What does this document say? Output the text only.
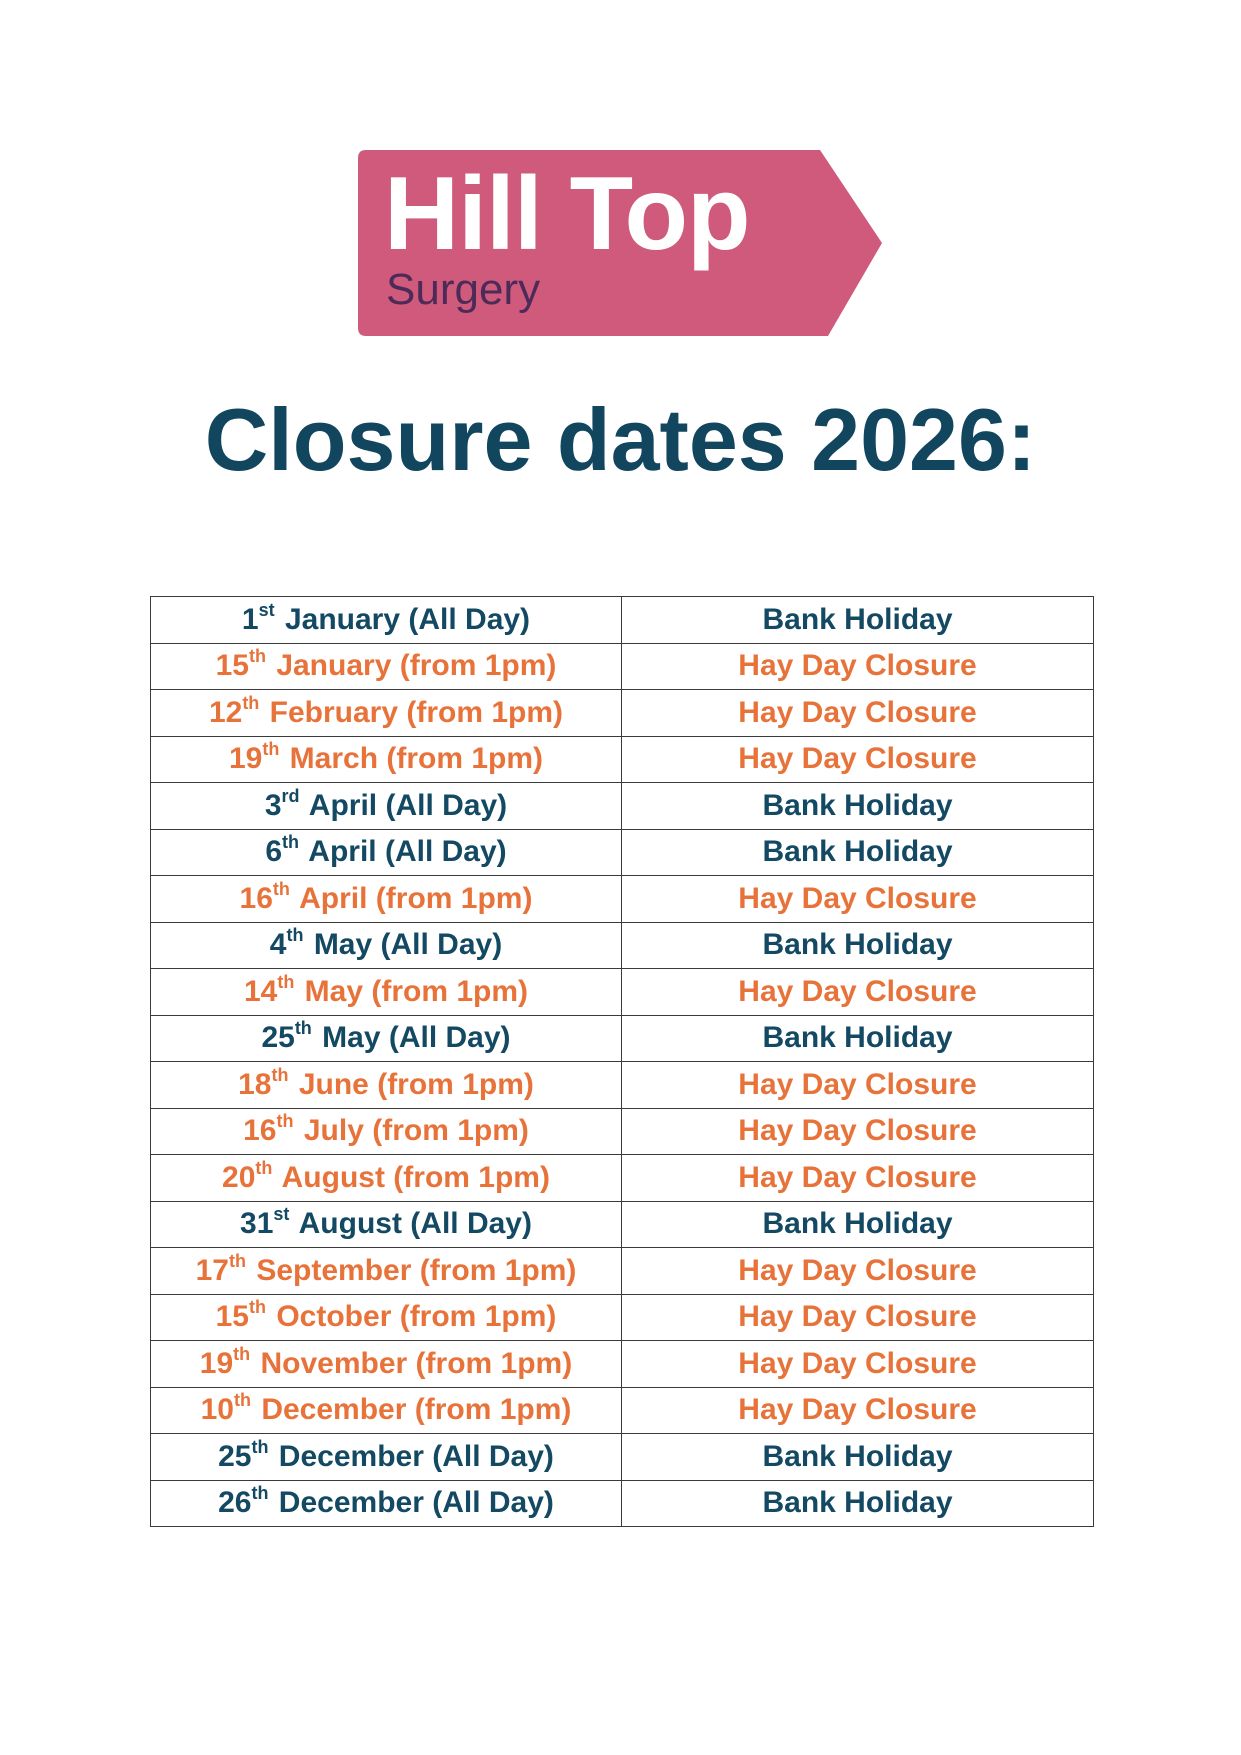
Hill Top
Surgery
Closure dates 2026:
1st January (All Day)	Bank Holiday
15th January (from 1pm)	Hay Day Closure
12th February (from 1pm)	Hay Day Closure
19th March (from 1pm)	Hay Day Closure
3rd April (All Day)	Bank Holiday
6th April (All Day)	Bank Holiday
16th April (from 1pm)	Hay Day Closure
4th May (All Day)	Bank Holiday
14th May (from 1pm)	Hay Day Closure
25th May (All Day)	Bank Holiday
18th June (from 1pm)	Hay Day Closure
16th July (from 1pm)	Hay Day Closure
20th August (from 1pm)	Hay Day Closure
31st August (All Day)	Bank Holiday
17th September (from 1pm)	Hay Day Closure
15th October (from 1pm)	Hay Day Closure
19th November (from 1pm)	Hay Day Closure
10th December (from 1pm)	Hay Day Closure
25th December (All Day)	Bank Holiday
26th December (All Day)	Bank Holiday
